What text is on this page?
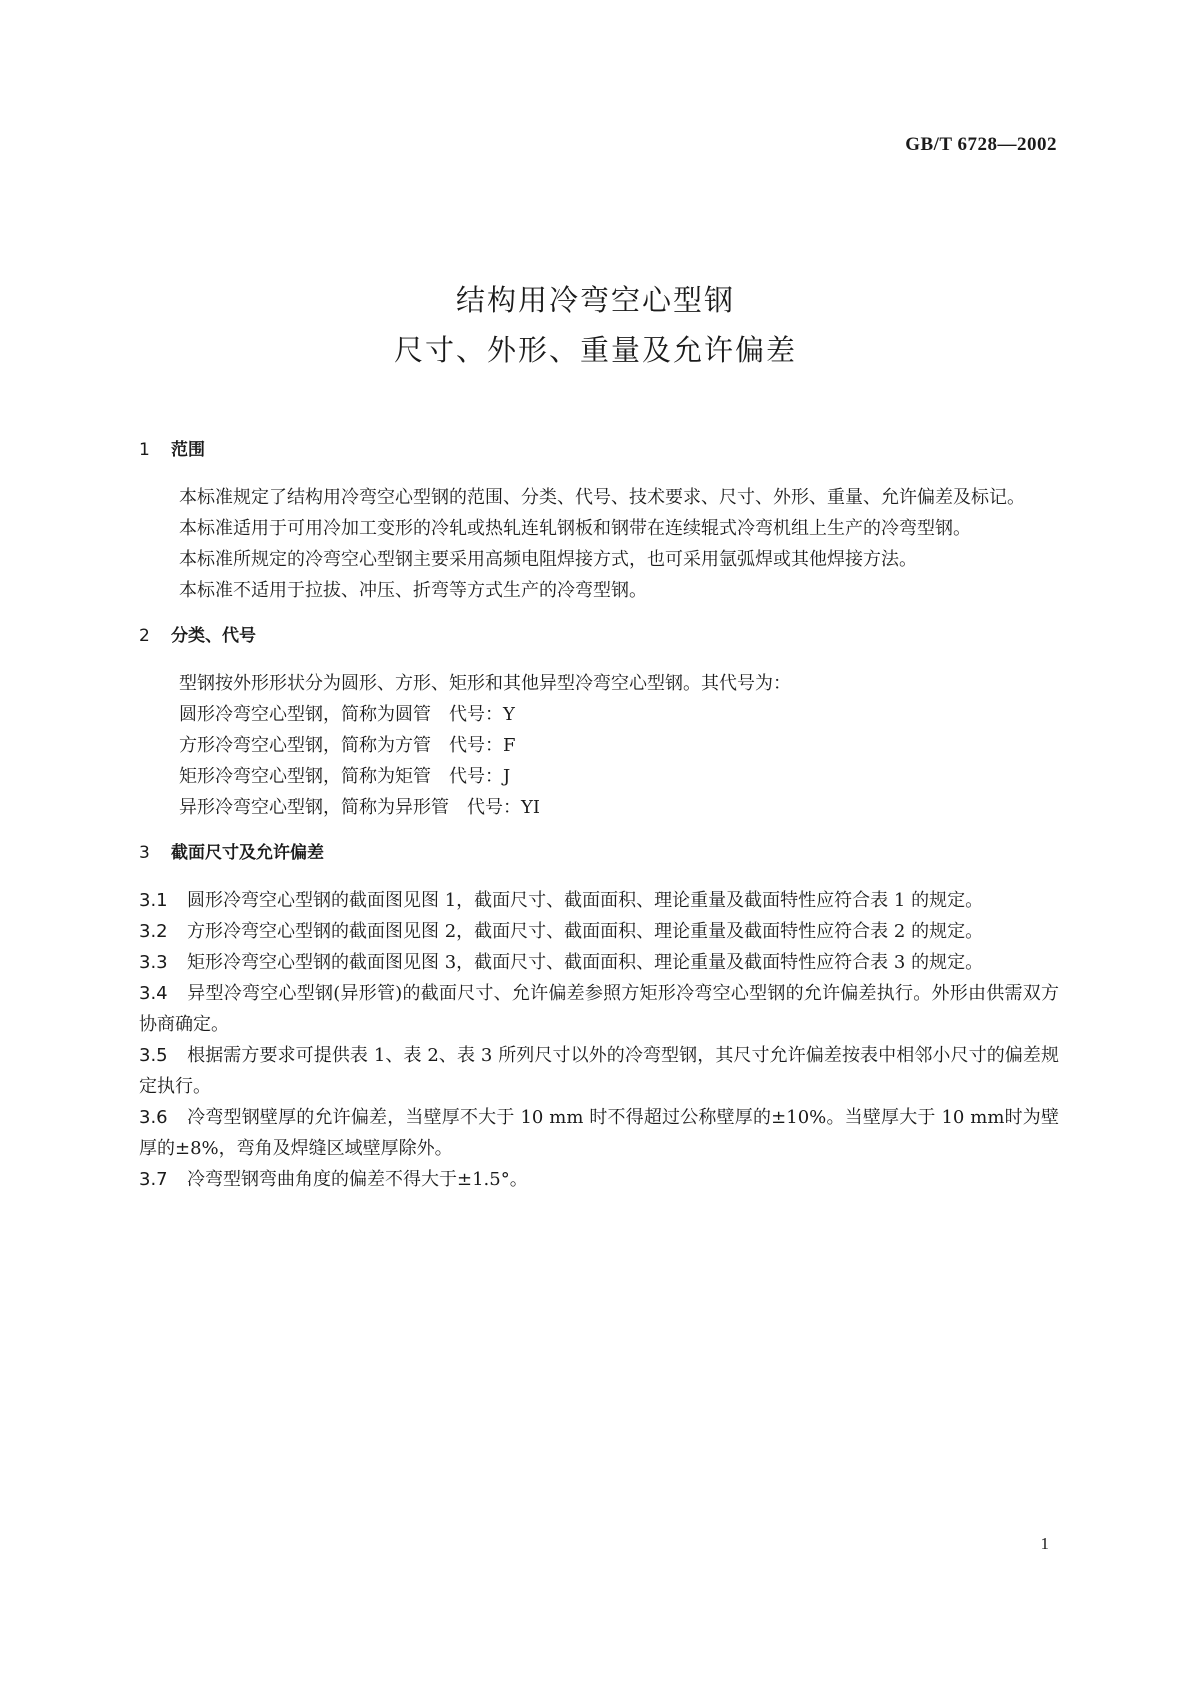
GB/T 6728—2002
结构用冷弯空心型钢
尺寸、外形、重量及允许偏差
1 范围

本标准规定了结构用冷弯空心型钢的范围、分类、代号、技术要求、尺寸、外形、重量、允许偏差及标记。

本标准适用于可用冷加工变形的冷轧或热轧连轧钢板和钢带在连续辊式冷弯机组上生产的冷弯型钢。

本标准所规定的冷弯空心型钢主要采用高频电阻焊接方式，也可采用氩弧焊或其他焊接方法。

本标准不适用于拉拔、冲压、折弯等方式生产的冷弯型钢。

2 分类、代号

型钢按外形形状分为圆形、方形、矩形和其他异型冷弯空心型钢。其代号为：

圆形冷弯空心型钢，简称为圆管　代号：Y

方形冷弯空心型钢，简称为方管　代号：F

矩形冷弯空心型钢，简称为矩管　代号：J

异形冷弯空心型钢，简称为异形管　代号：YI

3 截面尺寸及允许偏差

3.1 圆形冷弯空心型钢的截面图见图 1，截面尺寸、截面面积、理论重量及截面特性应符合表 1 的规定。

3.2 方形冷弯空心型钢的截面图见图 2，截面尺寸、截面面积、理论重量及截面特性应符合表 2 的规定。

3.3 矩形冷弯空心型钢的截面图见图 3，截面尺寸、截面面积、理论重量及截面特性应符合表 3 的规定。

3.4 异型冷弯空心型钢(异形管)的截面尺寸、允许偏差参照方矩形冷弯空心型钢的允许偏差执行。外形由供需双方协商确定。

3.5 根据需方要求可提供表 1、表 2、表 3 所列尺寸以外的冷弯型钢，其尺寸允许偏差按表中相邻小尺寸的偏差规定执行。

3.6 冷弯型钢壁厚的允许偏差，当壁厚不大于 10 mm 时不得超过公称壁厚的±10%。当壁厚大于 10 mm时为壁厚的±8%，弯角及焊缝区域壁厚除外。

3.7 冷弯型钢弯曲角度的偏差不得大于±1.5°。

1
